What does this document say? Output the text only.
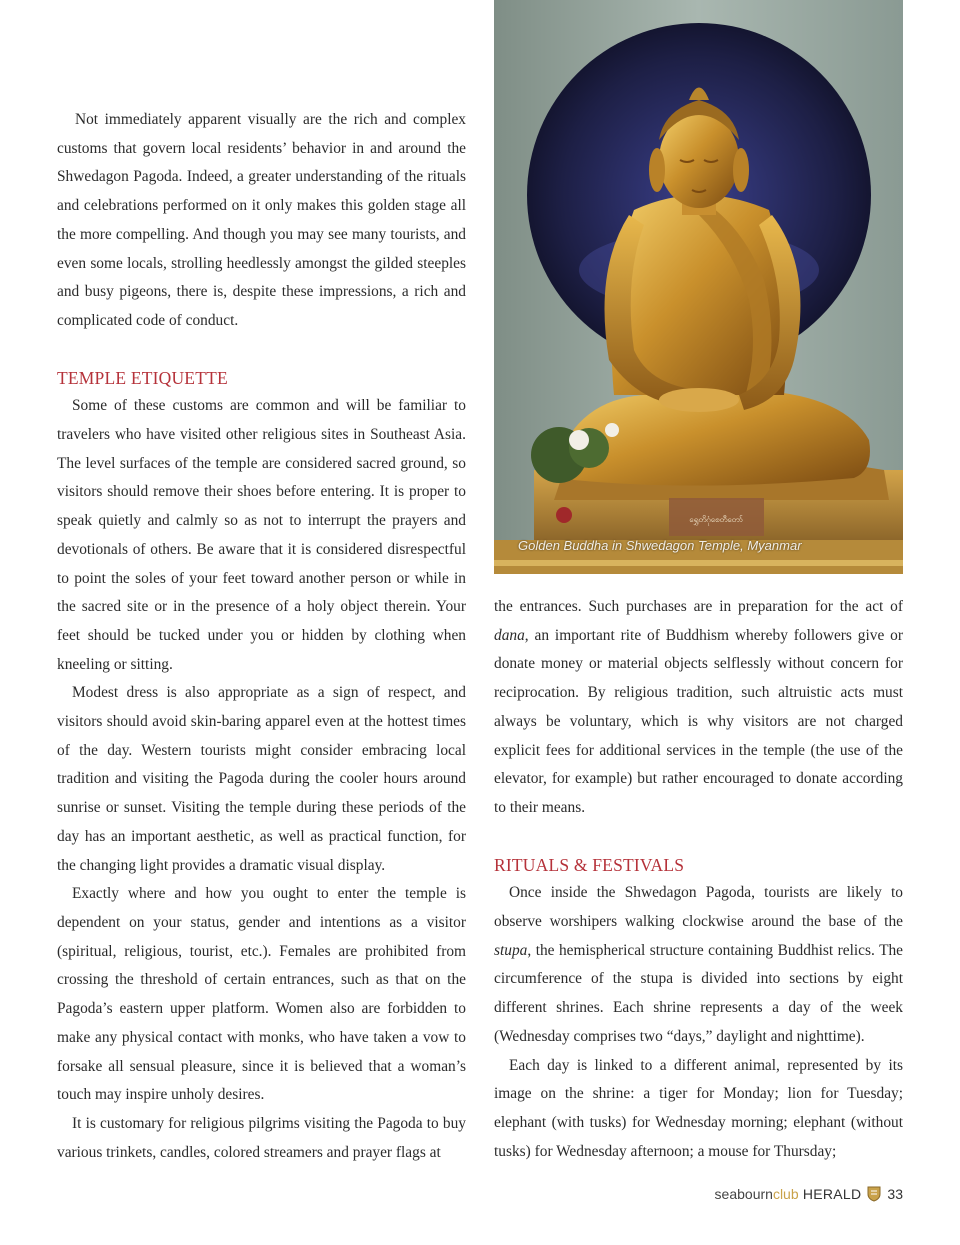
Not immediately apparent visually are the rich and complex customs that govern local residents’ behavior in and around the Shwedagon Pagoda. Indeed, a greater understanding of the rituals and celebrations performed on it only makes this golden stage all the more compelling. And though you may see many tourists, and even some locals, strolling heedlessly amongst the gilded steeples and busy pigeons, there is, despite these impressions, a rich and complicated code of conduct.

TEMPLE ETIQUETTE

Some of these customs are common and will be familiar to travelers who have visited other religious sites in Southeast Asia. The level surfaces of the temple are considered sacred ground, so visitors should remove their shoes before entering. It is proper to speak quietly and calmly so as not to interrupt the prayers and devotionals of others. Be aware that it is considered disrespectful to point the soles of your feet toward another person or while in the sacred site or in the presence of a holy object therein. Your feet should be tucked under you or hidden by clothing when kneeling or sitting.

Modest dress is also appropriate as a sign of respect, and visitors should avoid skin-baring apparel even at the hottest times of the day. Western tourists might consider embracing local tradition and visiting the Pagoda during the cooler hours around sunrise or sunset. Visiting the temple during these periods of the day has an important aesthetic, as well as practical function, for the changing light provides a dramatic visual display.

Exactly where and how you ought to enter the temple is dependent on your status, gender and intentions as a visitor (spiritual, religious, tourist, etc.). Females are prohibited from crossing the threshold of certain entrances, such as that on the Pagoda’s eastern upper platform. Women also are forbidden to make any physical contact with monks, who have taken a vow to forsake all sensual pleasure, since it is believed that a woman’s touch may inspire unholy desires.

It is customary for religious pilgrims visiting the Pagoda to buy various trinkets, candles, colored streamers and prayer flags at

ရွှေတိဂုံစေတီတော်
Golden Buddha in Shwedagon Temple, Myanmar

the entrances. Such purchases are in preparation for the act of dana, an important rite of Buddhism whereby followers give or donate money or material objects selflessly without concern for reciprocation. By religious tradition, such altruistic acts must always be voluntary, which is why visitors are not charged explicit fees for additional services in the temple (the use of the elevator, for example) but rather encouraged to donate according to their means.

RITUALS & FESTIVALS

Once inside the Shwedagon Pagoda, tourists are likely to observe worshipers walking clockwise around the base of the stupa, the hemispherical structure containing Buddhist relics. The circumference of the stupa is divided into sections by eight different shrines. Each shrine represents a day of the week (Wednesday comprises two “days,” daylight and nighttime).

Each day is linked to a different animal, represented by its image on the shrine: a tiger for Monday; lion for Tuesday; elephant (with tusks) for Wednesday morning; elephant (without tusks) for Wednesday afternoon; a mouse for Thursday;

seabournclub HERALD 33
